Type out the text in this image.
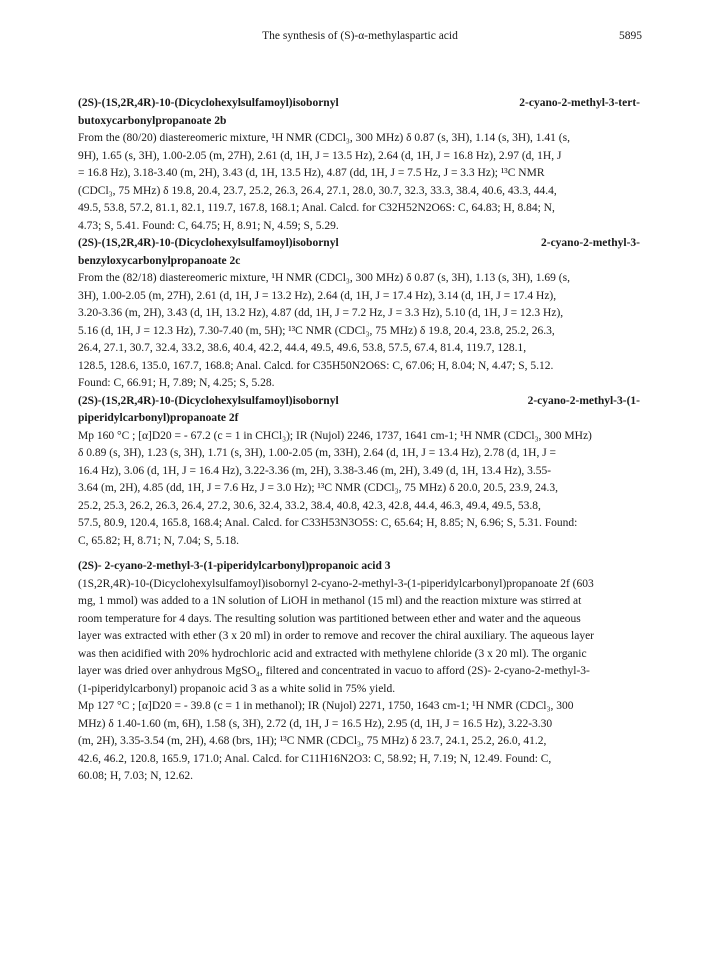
The synthesis of (S)-α-methylaspartic acid	5895
(2S)-(1S,2R,4R)-10-(Dicyclohexylsulfamoyl)isobornyl	2-cyano-2-methyl-3-tert-
butoxycarbonylpropanoate 2b
From the (80/20) diastereomeric mixture, ¹H NMR (CDCl₃, 300 MHz) δ 0.87 (s, 3H), 1.14 (s, 3H), 1.41 (s,
9H), 1.65 (s, 3H), 1.00-2.05 (m, 27H), 2.61 (d, 1H, J = 13.5 Hz), 2.64 (d, 1H, J = 16.8 Hz), 2.97 (d, 1H, J
= 16.8 Hz), 3.18-3.40 (m, 2H), 3.43 (d, 1H, 13.5 Hz), 4.87 (dd, 1H, J = 7.5 Hz, J = 3.3 Hz); ¹³C NMR
(CDCl₃, 75 MHz) δ 19.8, 20.4, 23.7, 25.2, 26.3, 26.4, 27.1, 28.0, 30.7, 32.3, 33.3, 38.4, 40.6, 43.3, 44.4,
49.5, 53.8, 57.2, 81.1, 82.1, 119.7, 167.8, 168.1; Anal. Calcd. for C32H52N2O6S: C, 64.83; H, 8.84; N,
4.73; S, 5.41. Found: C, 64.75; H, 8.91; N, 4.59; S, 5.29.
(2S)-(1S,2R,4R)-10-(Dicyclohexylsulfamoyl)isobornyl	2-cyano-2-methyl-3-
benzyloxycarbonylpropanoate 2c
From the (82/18) diastereomeric mixture, ¹H NMR (CDCl₃, 300 MHz) δ 0.87 (s, 3H), 1.13 (s, 3H), 1.69 (s,
3H), 1.00-2.05 (m, 27H), 2.61 (d, 1H, J = 13.2 Hz), 2.64 (d, 1H, J = 17.4 Hz), 3.14 (d, 1H, J = 17.4 Hz),
3.20-3.36 (m, 2H), 3.43 (d, 1H, 13.2 Hz), 4.87 (dd, 1H, J = 7.2 Hz, J = 3.3 Hz), 5.10 (d, 1H, J = 12.3 Hz),
5.16 (d, 1H, J = 12.3 Hz), 7.30-7.40 (m, 5H); ¹³C NMR (CDCl₃, 75 MHz) δ 19.8, 20.4, 23.8, 25.2, 26.3,
26.4, 27.1, 30.7, 32.4, 33.2, 38.6, 40.4, 42.2, 44.4, 49.5, 49.6, 53.8, 57.5, 67.4, 81.4, 119.7, 128.1,
128.5, 128.6, 135.0, 167.7, 168.8; Anal. Calcd. for C35H50N2O6S: C, 67.06; H, 8.04; N, 4.47; S, 5.12.
Found: C, 66.91; H, 7.89; N, 4.25; S, 5.28.
(2S)-(1S,2R,4R)-10-(Dicyclohexylsulfamoyl)isobornyl	2-cyano-2-methyl-3-(1-
piperidylcarbonyl)propanoate 2f
Mp 160 °C ; [α]D20 = - 67.2 (c = 1 in CHCl₃); IR (Nujol) 2246, 1737, 1641 cm-1; ¹H NMR (CDCl₃, 300 MHz)
δ 0.89 (s, 3H), 1.23 (s, 3H), 1.71 (s, 3H), 1.00-2.05 (m, 33H), 2.64 (d, 1H, J = 13.4 Hz), 2.78 (d, 1H, J =
16.4 Hz), 3.06 (d, 1H, J = 16.4 Hz), 3.22-3.36 (m, 2H), 3.38-3.46 (m, 2H), 3.49 (d, 1H, 13.4 Hz), 3.55-
3.64 (m, 2H), 4.85 (dd, 1H, J = 7.6 Hz, J = 3.0 Hz); ¹³C NMR (CDCl₃, 75 MHz) δ 20.0, 20.5, 23.9, 24.3,
25.2, 25.3, 26.2, 26.3, 26.4, 27.2, 30.6, 32.4, 33.2, 38.4, 40.8, 42.3, 42.8, 44.4, 46.3, 49.4, 49.5, 53.8,
57.5, 80.9, 120.4, 165.8, 168.4; Anal. Calcd. for C33H53N3O5S: C, 65.64; H, 8.85; N, 6.96; S, 5.31. Found:
C, 65.82; H, 8.71; N, 7.04; S, 5.18.
(2S)- 2-cyano-2-methyl-3-(1-piperidylcarbonyl)propanoic acid 3
(1S,2R,4R)-10-(Dicyclohexylsulfamoyl)isobornyl 2-cyano-2-methyl-3-(1-piperidylcarbonyl)propanoate 2f (603
mg, 1 mmol) was added to a 1N solution of LiOH in methanol (15 ml) and the reaction mixture was stirred at
room temperature for 4 days. The resulting solution was partitioned between ether and water and the aqueous
layer was extracted with ether (3 x 20 ml) in order to remove and recover the chiral auxiliary. The aqueous layer
was then acidified with 20% hydrochloric acid and extracted with methylene chloride (3 x 20 ml). The organic
layer was dried over anhydrous MgSO₄, filtered and concentrated in vacuo to afford (2S)- 2-cyano-2-methyl-3-
(1-piperidylcarbonyl) propanoic acid 3 as a white solid in 75% yield.
Mp 127 °C ; [α]D20 = - 39.8 (c = 1 in methanol); IR (Nujol) 2271, 1750, 1643 cm-1; ¹H NMR (CDCl₃, 300
MHz) δ 1.40-1.60 (m, 6H), 1.58 (s, 3H), 2.72 (d, 1H, J = 16.5 Hz), 2.95 (d, 1H, J = 16.5 Hz), 3.22-3.30
(m, 2H), 3.35-3.54 (m, 2H), 4.68 (brs, 1H); ¹³C NMR (CDCl₃, 75 MHz) δ 23.7, 24.1, 25.2, 26.0, 41.2,
42.6, 46.2, 120.8, 165.9, 171.0; Anal. Calcd. for C11H16N2O3: C, 58.92; H, 7.19; N, 12.49. Found: C,
60.08; H, 7.03; N, 12.62.
